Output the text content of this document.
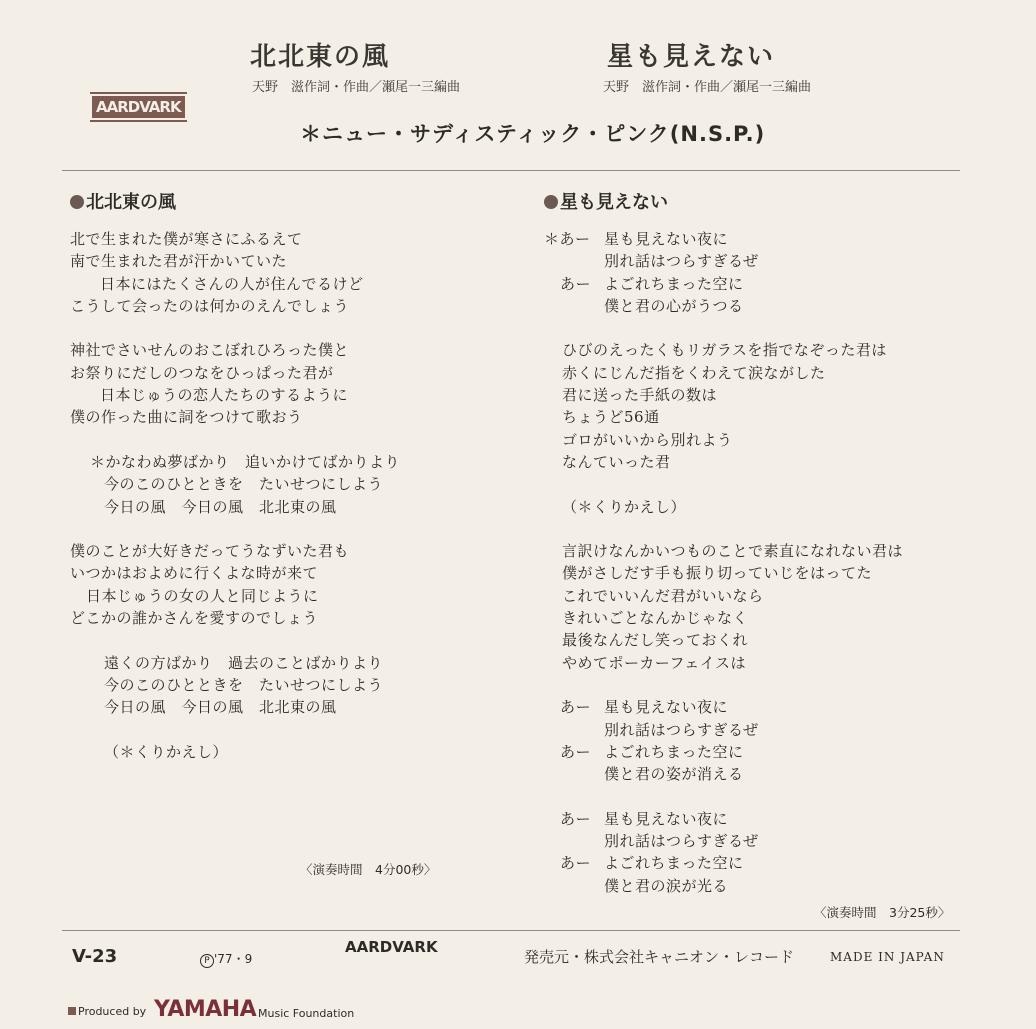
AARDVARK
北北東の風
天野　滋作詞・作曲／瀬尾一三編曲
星も見えない
天野　滋作詞・作曲／瀬尾一三編曲
＊ニュー・サディスティック・ピンク(N.S.P.)
北北東の風
北で生まれた僕が寒さにふるえて
南で生まれた君が汗かいていた
日本にはたくさんの人が住んでるけど
こうして会ったのは何かのえんでしょう
神社でさいせんのおこぼれひろった僕と
お祭りにだしのつなをひっぱった君が
日本じゅうの恋人たちのするように
僕の作った曲に詞をつけて歌おう
＊かなわぬ夢ばかり　追いかけてばかりより
今のこのひとときを　たいせつにしよう
今日の風　今日の風　北北東の風
僕のことが大好きだってうなずいた君も
いつかはおよめに行くよな時が来て
日本じゅうの女の人と同じように
どこかの誰かさんを愛すのでしょう
遠くの方ばかり　過去のことばかりより
今のこのひとときを　たいせつにしよう
今日の風　今日の風　北北東の風
（＊くりかえし）
〈演奏時間　4分00秒〉
星も見えない
＊あー 星も見えない夜に
別れ話はつらすぎるぜ
あー よごれちまった空に
僕と君の心がうつる
ひびのえったくもリガラスを指でなぞった君は
赤くにじんだ指をくわえて涙ながした
君に送った手紙の数は
ちょうど56通
ゴロがいいから別れよう
なんていった君
（＊くりかえし）
言訳けなんかいつものことで素直になれない君は
僕がさしだす手も振り切っていじをはってた
これでいいんだ君がいいなら
きれいごとなんかじゃなく
最後なんだし笑っておくれ
やめてポーカーフェイスは
あー 星も見えない夜に
別れ話はつらすぎるぜ
あー よごれちまった空に
僕と君の姿が消える
あー 星も見えない夜に
別れ話はつらすぎるぜ
あー よごれちまった空に
僕と君の涙が光る
〈演奏時間　3分25秒〉
V-23	P '77・9
AARDVARK
発売元・株式会社キャニオン・レコード	MADE IN JAPAN
Produced by YAMAHA Music Foundation
